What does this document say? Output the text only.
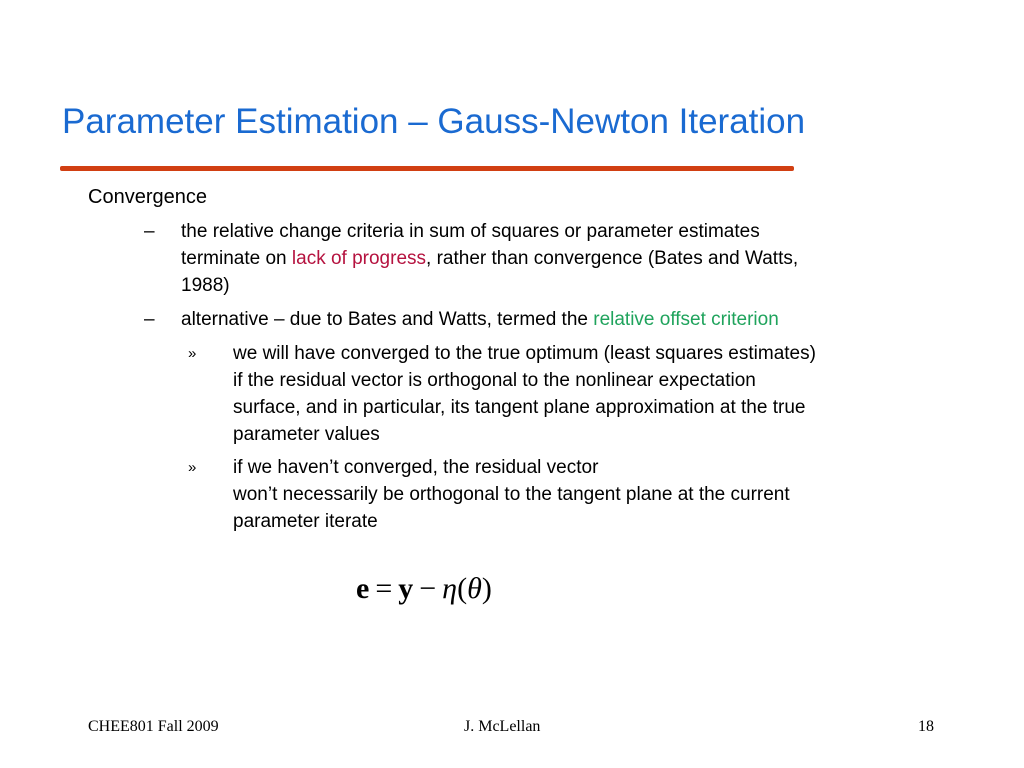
Parameter Estimation – Gauss-Newton Iteration
Convergence
– the relative change criteria in sum of squares or parameter estimates
terminate on lack of progress, rather than convergence (Bates and Watts,
1988)
– alternative – due to Bates and Watts, termed the relative offset criterion
» we will have converged to the true optimum (least squares estimates)
if the residual vector is orthogonal to the nonlinear expectation
surface, and in particular, its tangent plane approximation at the true
parameter values
» if we haven’t converged, the residual vector
won’t necessarily be orthogonal to the tangent plane at the current
parameter iterate
e = y − η(θ)
CHEE801 Fall 2009	J. McLellan	18
